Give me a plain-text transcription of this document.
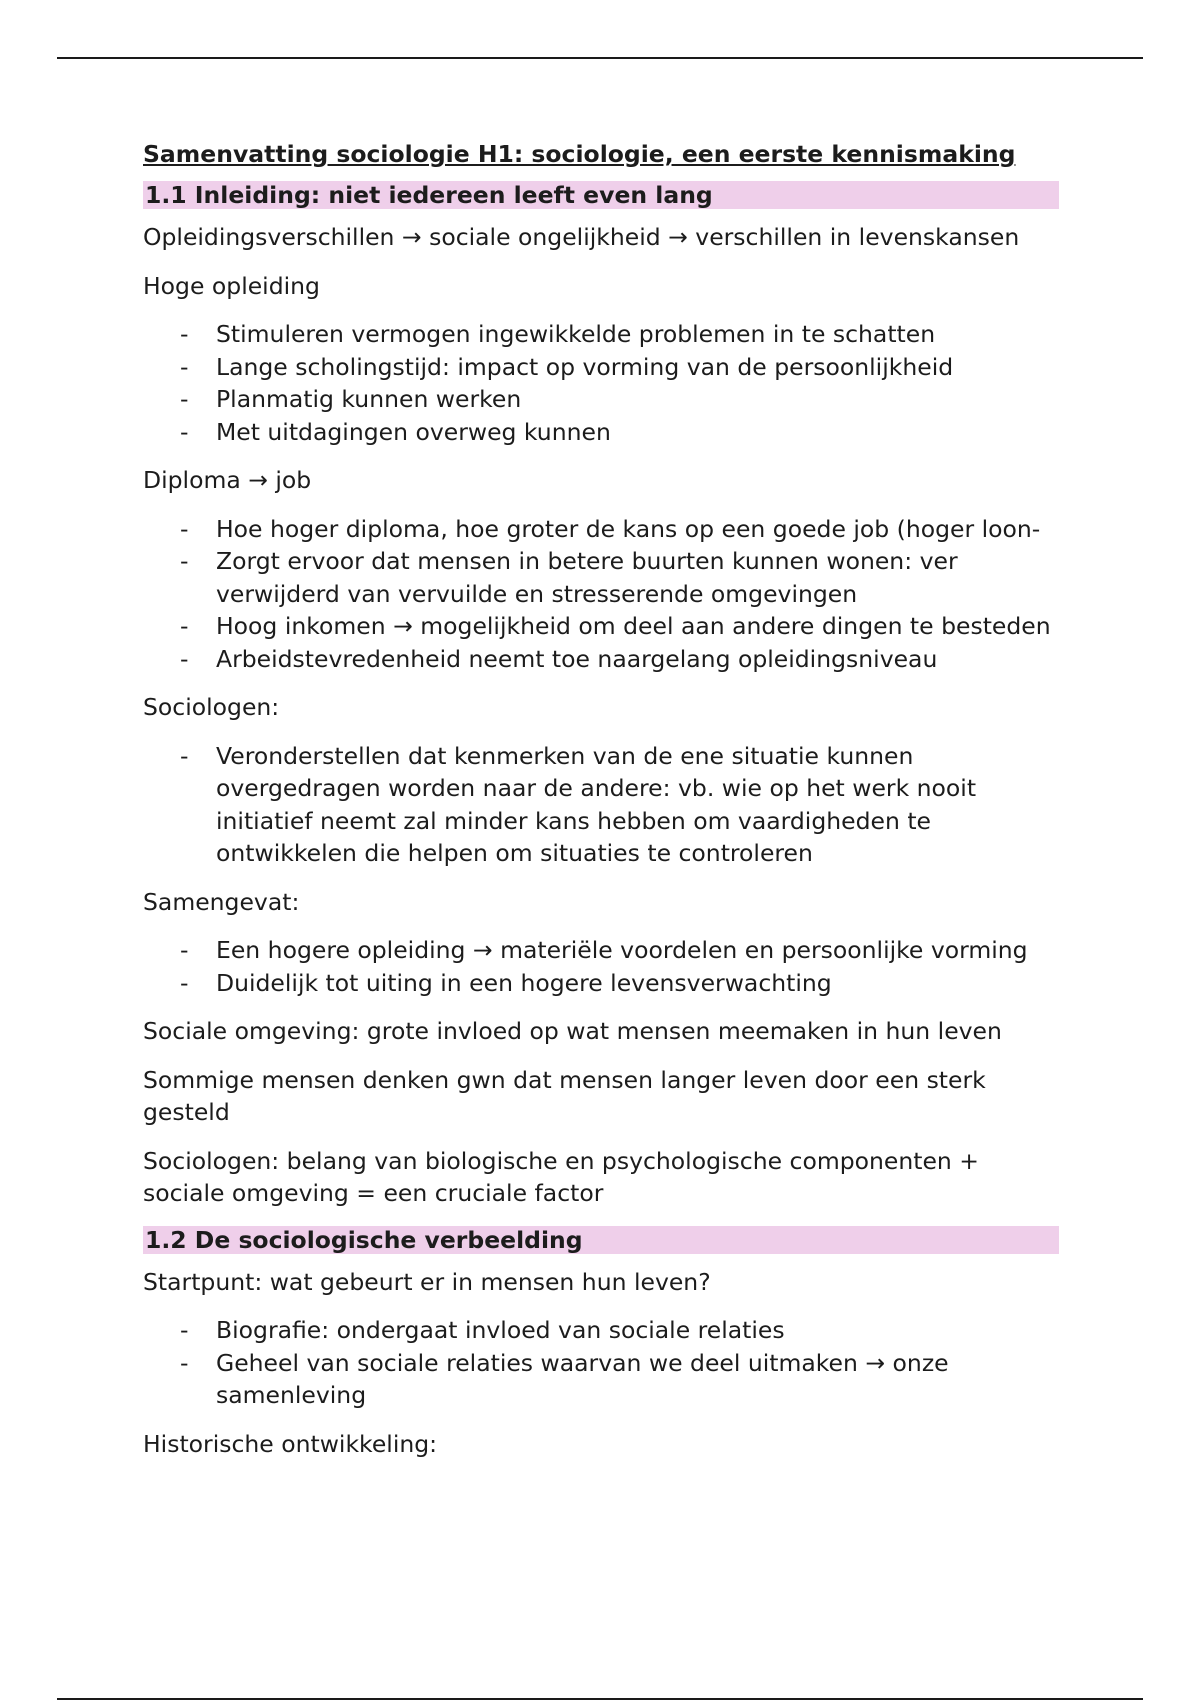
Samenvatting sociologie H1: sociologie, een eerste kennismaking
1.1 Inleiding: niet iedereen leeft even lang

Opleidingsverschillen → sociale ongelijkheid → verschillen in levenskansen

Hoge opleiding

- Stimuleren vermogen ingewikkelde problemen in te schatten
- Lange scholingstijd: impact op vorming van de persoonlijkheid
- Planmatig kunnen werken
- Met uitdagingen overweg kunnen

Diploma → job

- Hoe hoger diploma, hoe groter de kans op een goede job (hoger loon-
- Zorgt ervoor dat mensen in betere buurten kunnen wonen: ver verwijderd van vervuilde en stresserende omgevingen
- Hoog inkomen → mogelijkheid om deel aan andere dingen te besteden
- Arbeidstevredenheid neemt toe naargelang opleidingsniveau

Sociologen:

- Veronderstellen dat kenmerken van de ene situatie kunnen overgedragen worden naar de andere: vb. wie op het werk nooit initiatief neemt zal minder kans hebben om vaardigheden te ontwikkelen die helpen om situaties te controleren

Samengevat:

- Een hogere opleiding → materiële voordelen en persoonlijke vorming
- Duidelijk tot uiting in een hogere levensverwachting

Sociale omgeving: grote invloed op wat mensen meemaken in hun leven

Sommige mensen denken gwn dat mensen langer leven door een sterk gesteld

Sociologen: belang van biologische en psychologische componenten + sociale omgeving = een cruciale factor

1.2 De sociologische verbeelding

Startpunt: wat gebeurt er in mensen hun leven?

- Biografie: ondergaat invloed van sociale relaties
- Geheel van sociale relaties waarvan we deel uitmaken → onze samenleving

Historische ontwikkeling:
